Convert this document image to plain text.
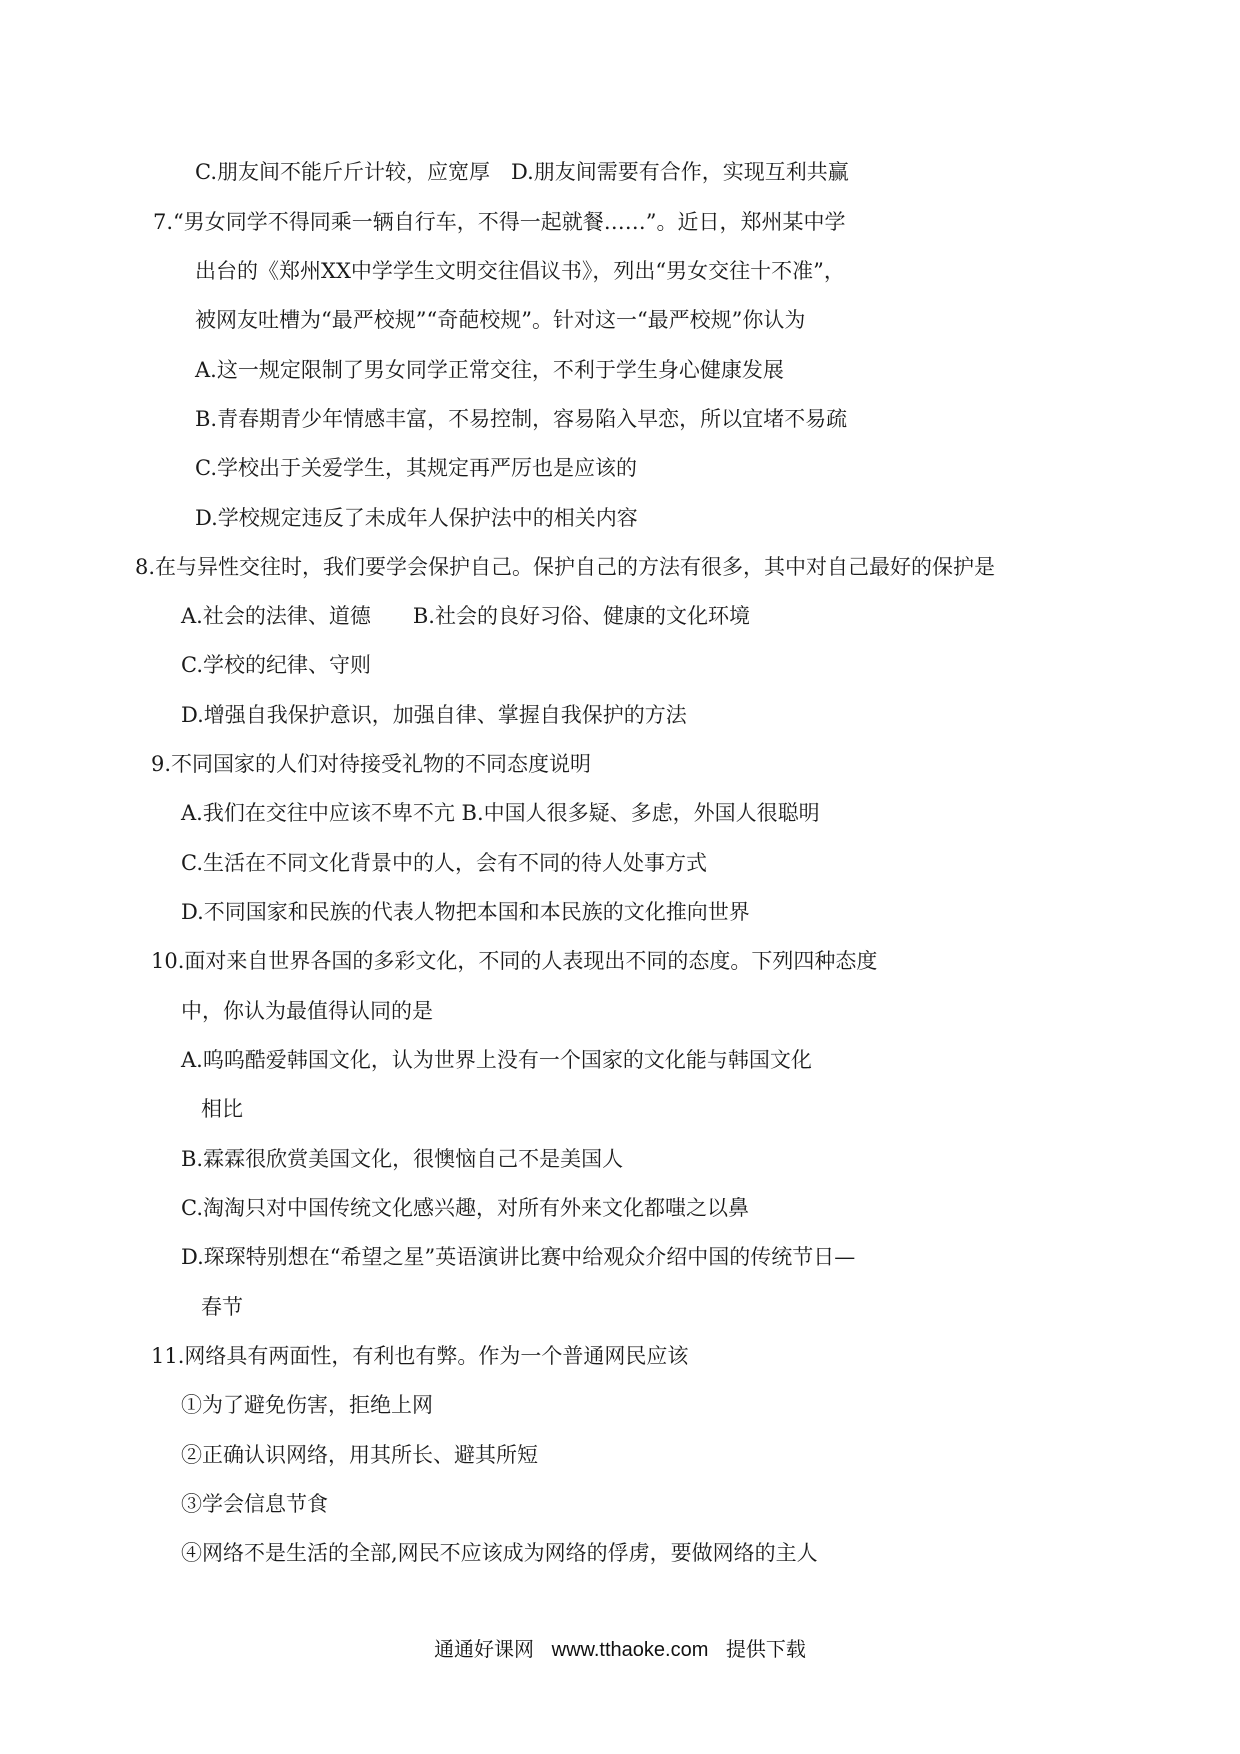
C.朋友间不能斤斤计较，应宽厚　D.朋友间需要有合作，实现互利共赢
7.“男女同学不得同乘一辆自行车，不得一起就餐……”。近日，郑州某中学
出台的《郑州XX中学学生文明交往倡议书》，列出“男女交往十不准”，
被网友吐槽为“最严校规”“奇葩校规”。针对这一“最严校规”你认为
A.这一规定限制了男女同学正常交往，不利于学生身心健康发展
B.青春期青少年情感丰富，不易控制，容易陷入早恋，所以宜堵不易疏
C.学校出于关爱学生，其规定再严厉也是应该的
D.学校规定违反了未成年人保护法中的相关内容
8.在与异性交往时，我们要学会保护自己。保护自己的方法有很多，其中对自己最好的保护是
A.社会的法律、道德　　B.社会的良好习俗、健康的文化环境
C.学校的纪律、守则
D.增强自我保护意识，加强自律、掌握自我保护的方法
9.不同国家的人们对待接受礼物的不同态度说明
A.我们在交往中应该不卑不亢 B.中国人很多疑、多虑，外国人很聪明
C.生活在不同文化背景中的人，会有不同的待人处事方式
D.不同国家和民族的代表人物把本国和本民族的文化推向世界
10.面对来自世界各国的多彩文化，不同的人表现出不同的态度。下列四种态度
中，你认为最值得认同的是
A.呜呜酷爱韩国文化，认为世界上没有一个国家的文化能与韩国文化
相比
B.霖霖很欣赏美国文化，很懊恼自己不是美国人
C.淘淘只对中国传统文化感兴趣，对所有外来文化都嗤之以鼻
D.琛琛特别想在“希望之星”英语演讲比赛中给观众介绍中国的传统节日—
春节
11.网络具有两面性，有利也有弊。作为一个普通网民应该
①为了避免伤害，拒绝上网
②正确认识网络，用其所长、避其所短
③学会信息节食
④网络不是生活的全部,网民不应该成为网络的俘虏，要做网络的主人
通通好课网 www.tthaoke.com 提供下载
